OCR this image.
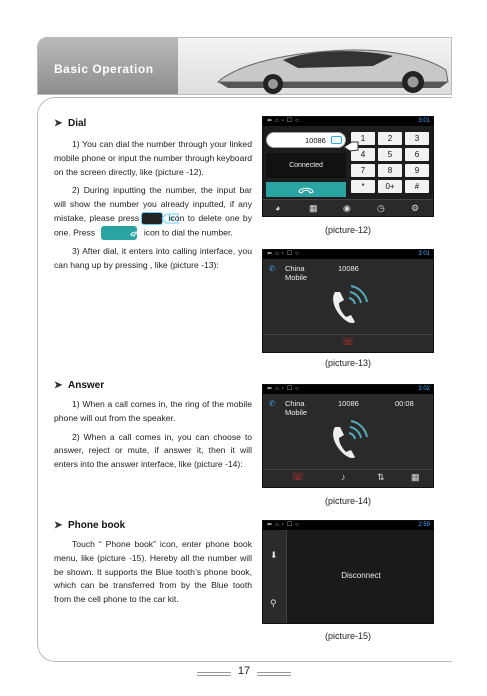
Basic Operation
➤ Dial

1) You can dial the number through your linked mobile phone or input the number through keyboard on the screen directly, like (picture -12).

2) During inputting the number, the input bar will show the number you already inputted, if any mistake, please press	icon to delete one by one. Press	icon to dial the number.

3) After dial, it enters into calling interface, you can hang up by pressing , like (picture -13):

⬅⌂▫☐○	3:01
10086
Connected
1	2	3
4	5	6
7	8	9
*	0+	#
◕	▦	◉	◷	⚙
(picture-12)
⬅⌂▫☐○	3:01
✆ China
Mobile
10086
☏
(picture-13)
➤ Answer

1) When a call comes in, the ring of the mobile phone will out from the speaker.

2) When a call comes in, you can choose to answer, reject or mute, if answer it, then it will enters into the answer interface, like (picture -14):

⬅⌂▫☐○	3:02
✆ China
Mobile
10086	00:08
☏	♪	⇅	▦
(picture-14)
➤ Phone book

Touch “ Phone book” icon, enter phone book menu, like (picture -15). Hereby all the number will be shown. It supports the Blue tooth’s phone book, which can be transferred from by the Blue tooth from the cell phone to the car kit.

⬅⌂▫☐○	2:59
⬇
⚲
Disconnect
(picture-15)
17
